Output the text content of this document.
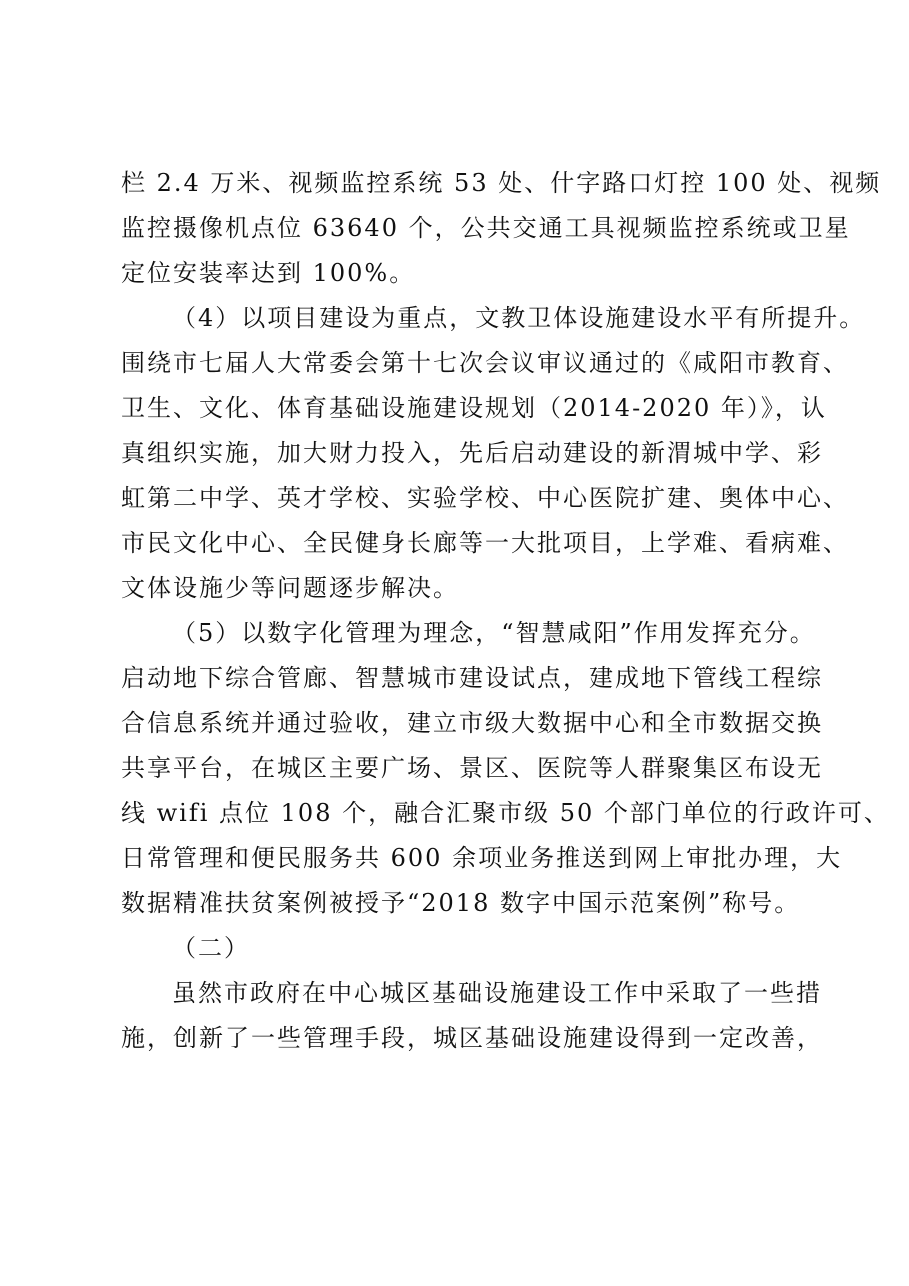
栏 2.4 万米、视频监控系统 53 处、什字路口灯控 100 处、视频
监控摄像机点位 63640 个，公共交通工具视频监控系统或卫星
定位安装率达到 100%。
（4）以项目建设为重点，文教卫体设施建设水平有所提升。
围绕市七届人大常委会第十七次会议审议通过的《咸阳市教育、
卫生、文化、体育基础设施建设规划（2014-2020 年）》，认
真组织实施，加大财力投入，先后启动建设的新渭城中学、彩
虹第二中学、英才学校、实验学校、中心医院扩建、奥体中心、
市民文化中心、全民健身长廊等一大批项目，上学难、看病难、
文体设施少等问题逐步解决。
（5）以数字化管理为理念，“智慧咸阳”作用发挥充分。
启动地下综合管廊、智慧城市建设试点，建成地下管线工程综
合信息系统并通过验收，建立市级大数据中心和全市数据交换
共享平台，在城区主要广场、景区、医院等人群聚集区布设无
线 wifi 点位 108 个，融合汇聚市级 50 个部门单位的行政许可、
日常管理和便民服务共 600 余项业务推送到网上审批办理，大
数据精准扶贫案例被授予“2018 数字中国示范案例”称号。
（二）
虽然市政府在中心城区基础设施建设工作中采取了一些措
施，创新了一些管理手段，城区基础设施建设得到一定改善，
